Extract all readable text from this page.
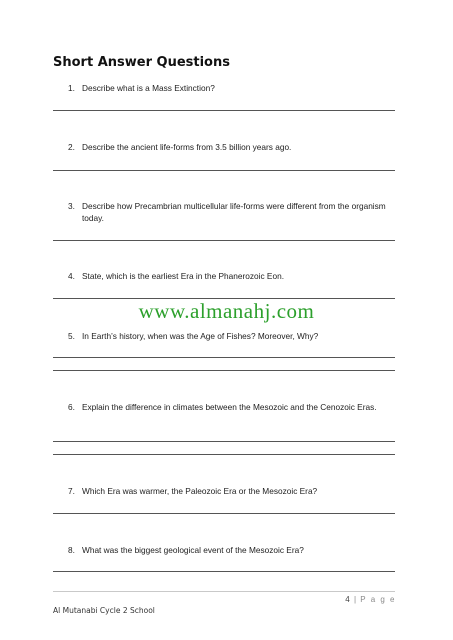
Short Answer Questions
1. Describe what is a Mass Extinction?
2. Describe the ancient life-forms from 3.5 billion years ago.
3. Describe how Precambrian multicellular life-forms were different from the organism today.
4. State, which is the earliest Era in the Phanerozoic Eon.
www.almanahj.com
5. In Earth’s history, when was the Age of Fishes? Moreover, Why?
6. Explain the difference in climates between the Mesozoic and the Cenozoic Eras.
7. Which Era was warmer, the Paleozoic Era or the Mesozoic Era?
8. What was the biggest geological event of the Mesozoic Era?
4 | P a g e
Al Mutanabi Cycle 2 School
